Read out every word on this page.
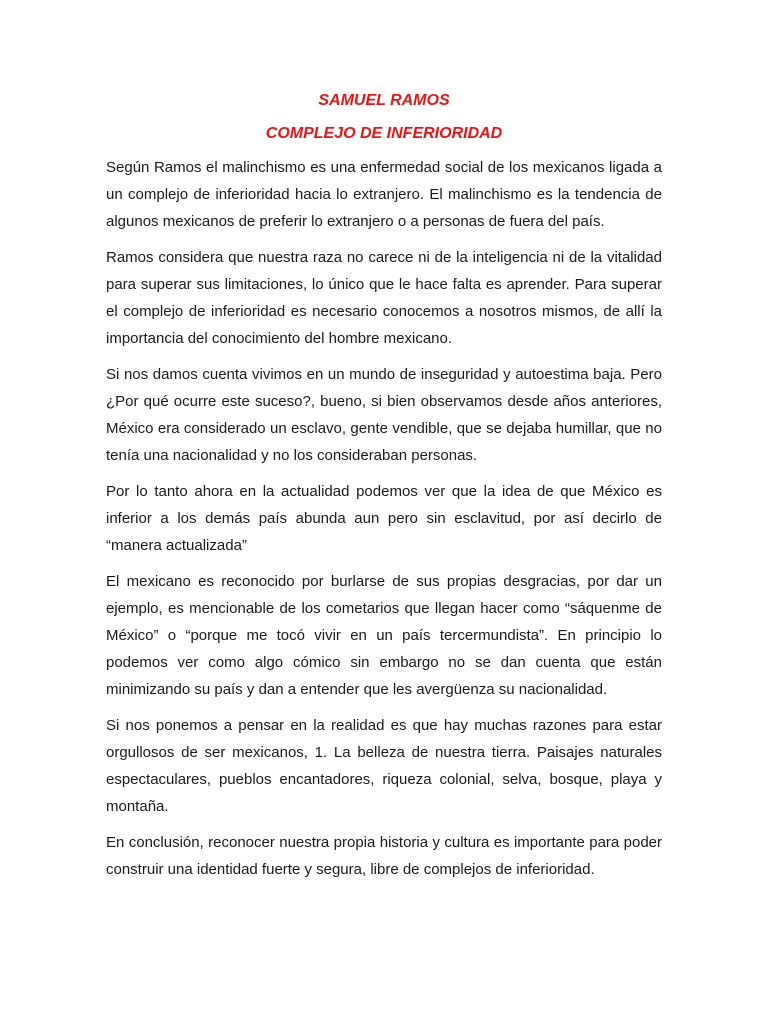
SAMUEL RAMOS
COMPLEJO DE INFERIORIDAD

Según Ramos el malinchismo es una enfermedad social de los mexicanos ligada a un complejo de inferioridad hacia lo extranjero. El malinchismo es la tendencia de algunos mexicanos de preferir lo extranjero o a personas de fuera del país.

Ramos considera que nuestra raza no carece ni de la inteligencia ni de la vitalidad para superar sus limitaciones, lo único que le hace falta es aprender. Para superar el complejo de inferioridad es necesario conocemos a nosotros mismos, de allí la importancia del conocimiento del hombre mexicano.

Si nos damos cuenta vivimos en un mundo de inseguridad y autoestima baja. Pero ¿Por qué ocurre este suceso?, bueno, si bien observamos desde años anteriores, México era considerado un esclavo, gente vendible, que se dejaba humillar, que no tenía una nacionalidad y no los consideraban personas.

Por lo tanto ahora en la actualidad podemos ver que la idea de que México es inferior a los demás país abunda aun pero sin esclavitud, por así decirlo de “manera actualizada”

El mexicano es reconocido por burlarse de sus propias desgracias, por dar un ejemplo, es mencionable de los cometarios que llegan hacer como “sáquenme de México” o “porque me tocó vivir en un país tercermundista”. En principio lo podemos ver como algo cómico sin embargo no se dan cuenta que están minimizando su país y dan a entender que les avergüenza su nacionalidad.

Si nos ponemos a pensar en la realidad es que hay muchas razones para estar orgullosos de ser mexicanos, 1. La belleza de nuestra tierra. Paisajes naturales espectaculares, pueblos encantadores, riqueza colonial, selva, bosque, playa y montaña.

En conclusión, reconocer nuestra propia historia y cultura es importante para poder construir una identidad fuerte y segura, libre de complejos de inferioridad.
